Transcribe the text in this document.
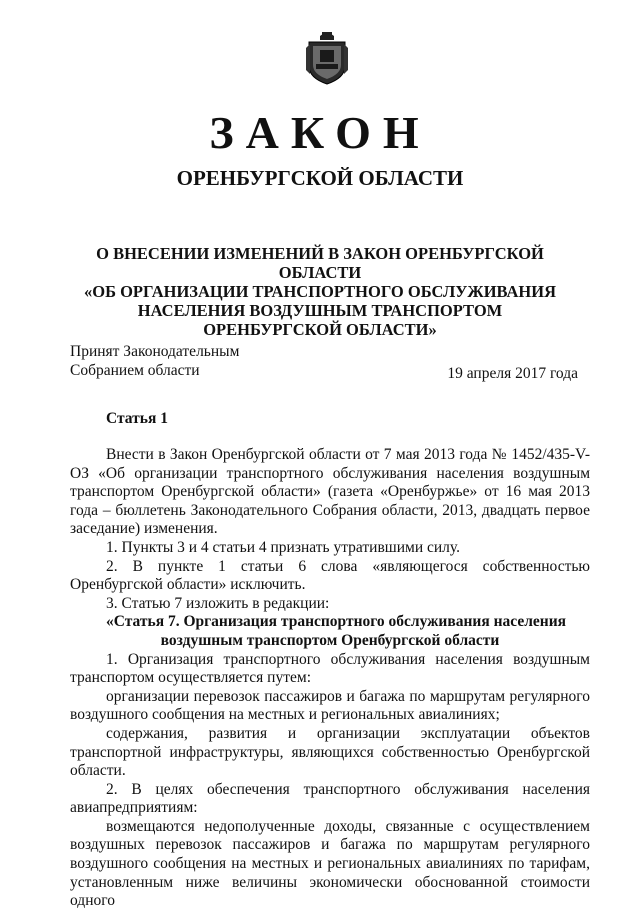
ЗАКОН
ОРЕНБУРГСКОЙ ОБЛАСТИ
О ВНЕСЕНИИ ИЗМЕНЕНИЙ В ЗАКОН ОРЕНБУРГСКОЙ ОБЛАСТИ
«ОБ ОРГАНИЗАЦИИ ТРАНСПОРТНОГО ОБСЛУЖИВАНИЯ
НАСЕЛЕНИЯ ВОЗДУШНЫМ ТРАНСПОРТОМ
ОРЕНБУРГСКОЙ ОБЛАСТИ»
Принят Законодательным
Собранием области	19 апреля 2017 года
Статья 1

Внести в Закон Оренбургской области от 7 мая 2013 года № 1452/435-V-ОЗ «Об организации транспортного обслуживания населения воздушным транспортом Оренбургской области» (газета «Оренбуржье» от 16 мая 2013 года – бюллетень Законодательного Собрания области, 2013, двадцать первое заседание) изменения.

1. Пункты 3 и 4 статьи 4 признать утратившими силу.

2. В пункте 1 статьи 6 слова «являющегося собственностью Оренбургской области» исключить.

3. Статью 7 изложить в редакции:

«Статья 7. Организация транспортного обслуживания населения

воздушным транспортом Оренбургской области

1. Организация транспортного обслуживания населения воздушным транспортом осуществляется путем:

организации перевозок пассажиров и багажа по маршрутам регулярного воздушного сообщения на местных и региональных авиалиниях;

содержания, развития и организации эксплуатации объектов транспортной инфраструктуры, являющихся собственностью Оренбургской области.

2. В целях обеспечения транспортного обслуживания населения авиапредприятиям:

возмещаются недополученные доходы, связанные с осуществлением воздушных перевозок пассажиров и багажа по маршрутам регулярного воздушного сообщения на местных и региональных авиалиниях по тарифам, установленным ниже величины экономически обоснованной стоимости одного
